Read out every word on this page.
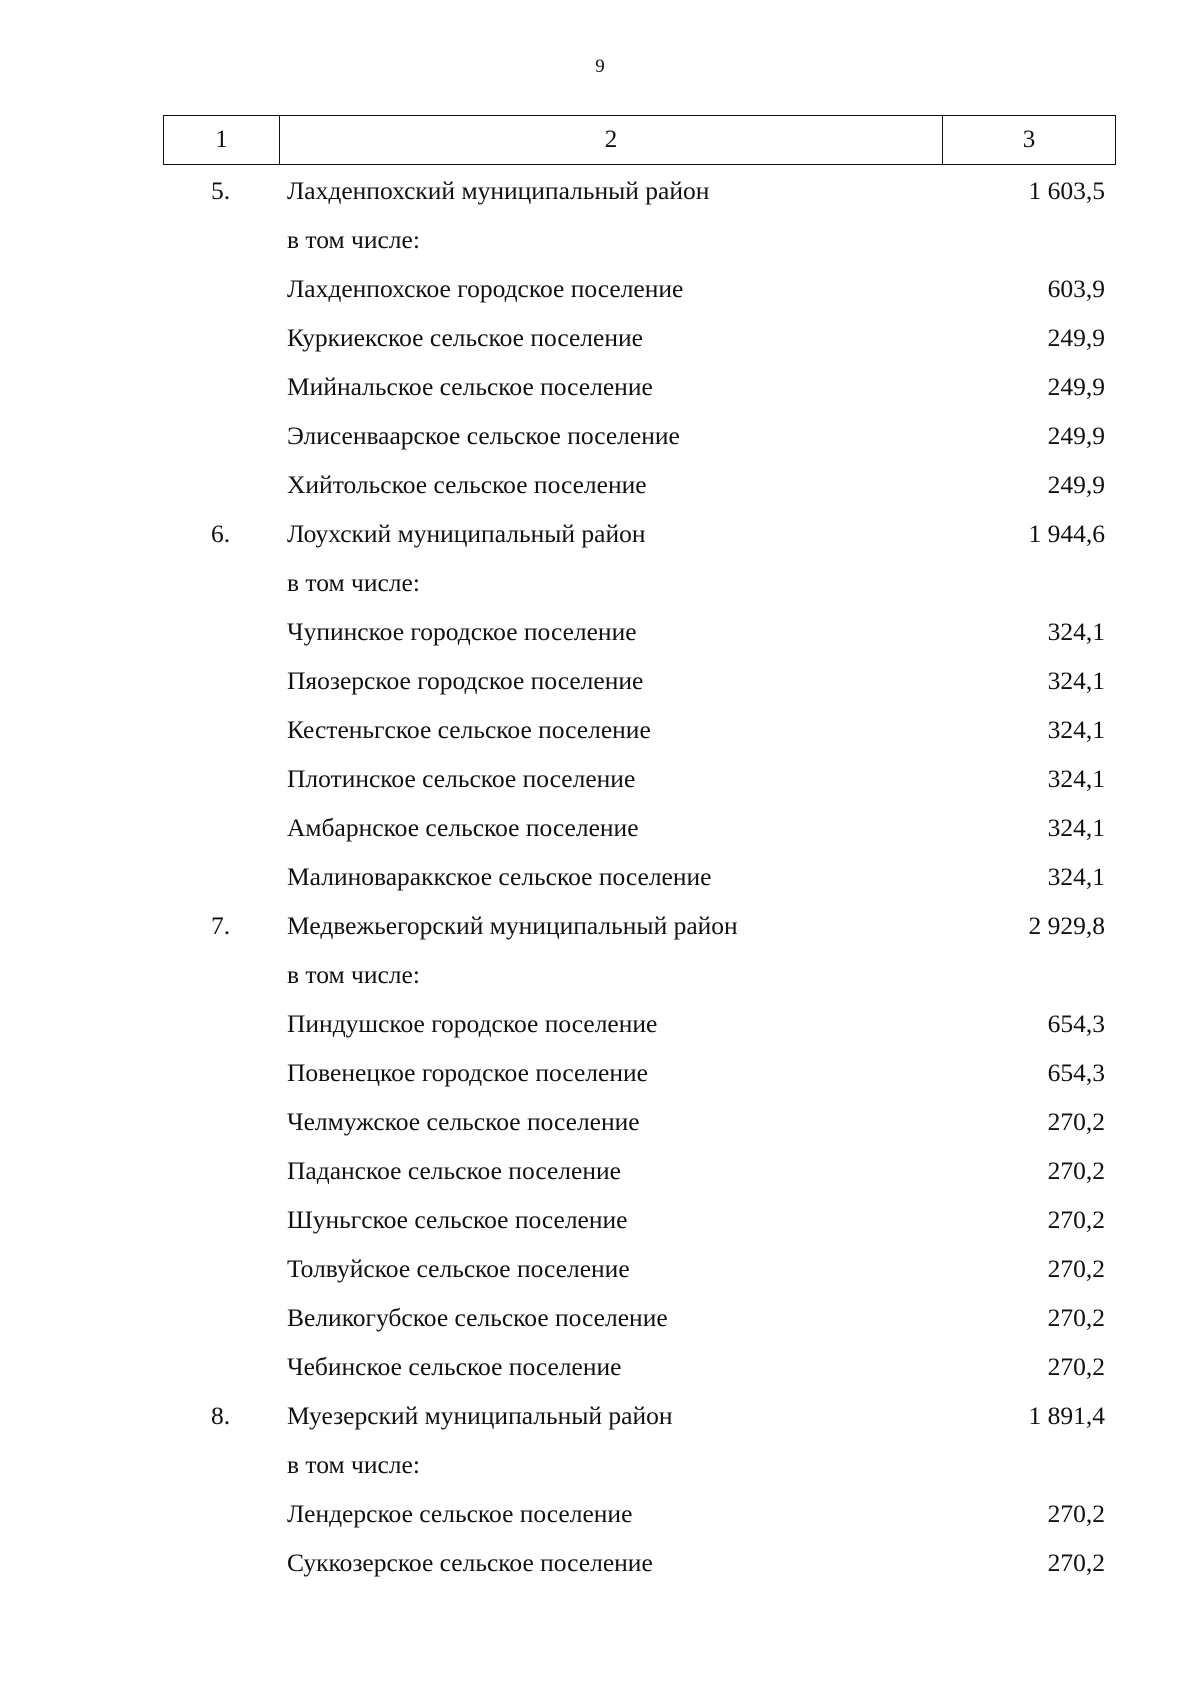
9
1	2	3
5.	Лахденпохский муниципальный район	1 603,5
в том числе:
Лахденпохское городское поселение	603,9
Куркиекское сельское поселение	249,9
Мийнальское сельское поселение	249,9
Элисенваарское сельское поселение	249,9
Хийтольское сельское поселение	249,9
6.	Лоухский муниципальный район	1 944,6
в том числе:
Чупинское городское поселение	324,1
Пяозерское городское поселение	324,1
Кестеньгское сельское поселение	324,1
Плотинское сельское поселение	324,1
Амбарнское сельское поселение	324,1
Малиновараккское сельское поселение	324,1
7.	Медвежьегорский муниципальный район	2 929,8
в том числе:
Пиндушское городское поселение	654,3
Повенецкое городское поселение	654,3
Челмужское сельское поселение	270,2
Паданское сельское поселение	270,2
Шуньгское сельское поселение	270,2
Толвуйское сельское поселение	270,2
Великогубское сельское поселение	270,2
Чебинское сельское поселение	270,2
8.	Муезерский муниципальный район	1 891,4
в том числе:
Лендерское сельское поселение	270,2
Суккозерское сельское поселение	270,2
